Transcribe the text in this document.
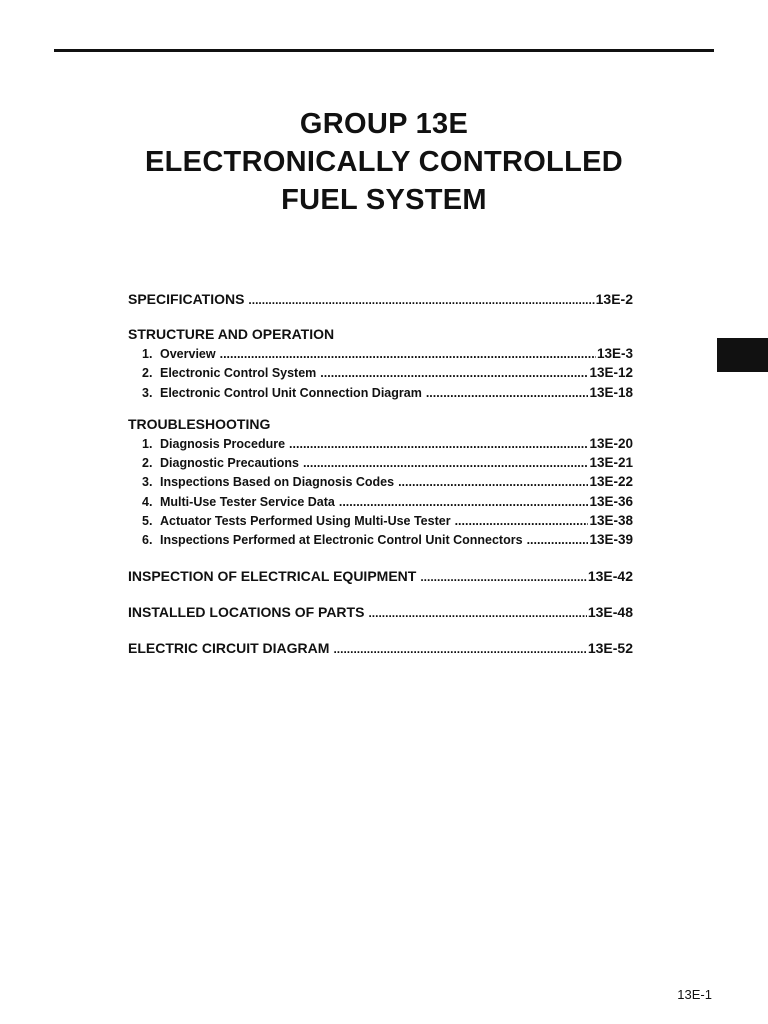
GROUP 13E
ELECTRONICALLY CONTROLLED
FUEL SYSTEM
SPECIFICATIONS .....	13E-2
STRUCTURE AND OPERATION
1. Overview .....	13E-3
2. Electronic Control System .....	13E-12
3. Electronic Control Unit Connection Diagram .....	13E-18
TROUBLESHOOTING
1. Diagnosis Procedure .....	13E-20
2. Diagnostic Precautions .....	13E-21
3. Inspections Based on Diagnosis Codes .....	13E-22
4. Multi-Use Tester Service Data .....	13E-36
5. Actuator Tests Performed Using Multi-Use Tester .....	13E-38
6. Inspections Performed at Electronic Control Unit Connectors .....	13E-39
INSPECTION OF ELECTRICAL EQUIPMENT .....	13E-42
INSTALLED LOCATIONS OF PARTS .....	13E-48
ELECTRIC CIRCUIT DIAGRAM .....	13E-52
13E-1
